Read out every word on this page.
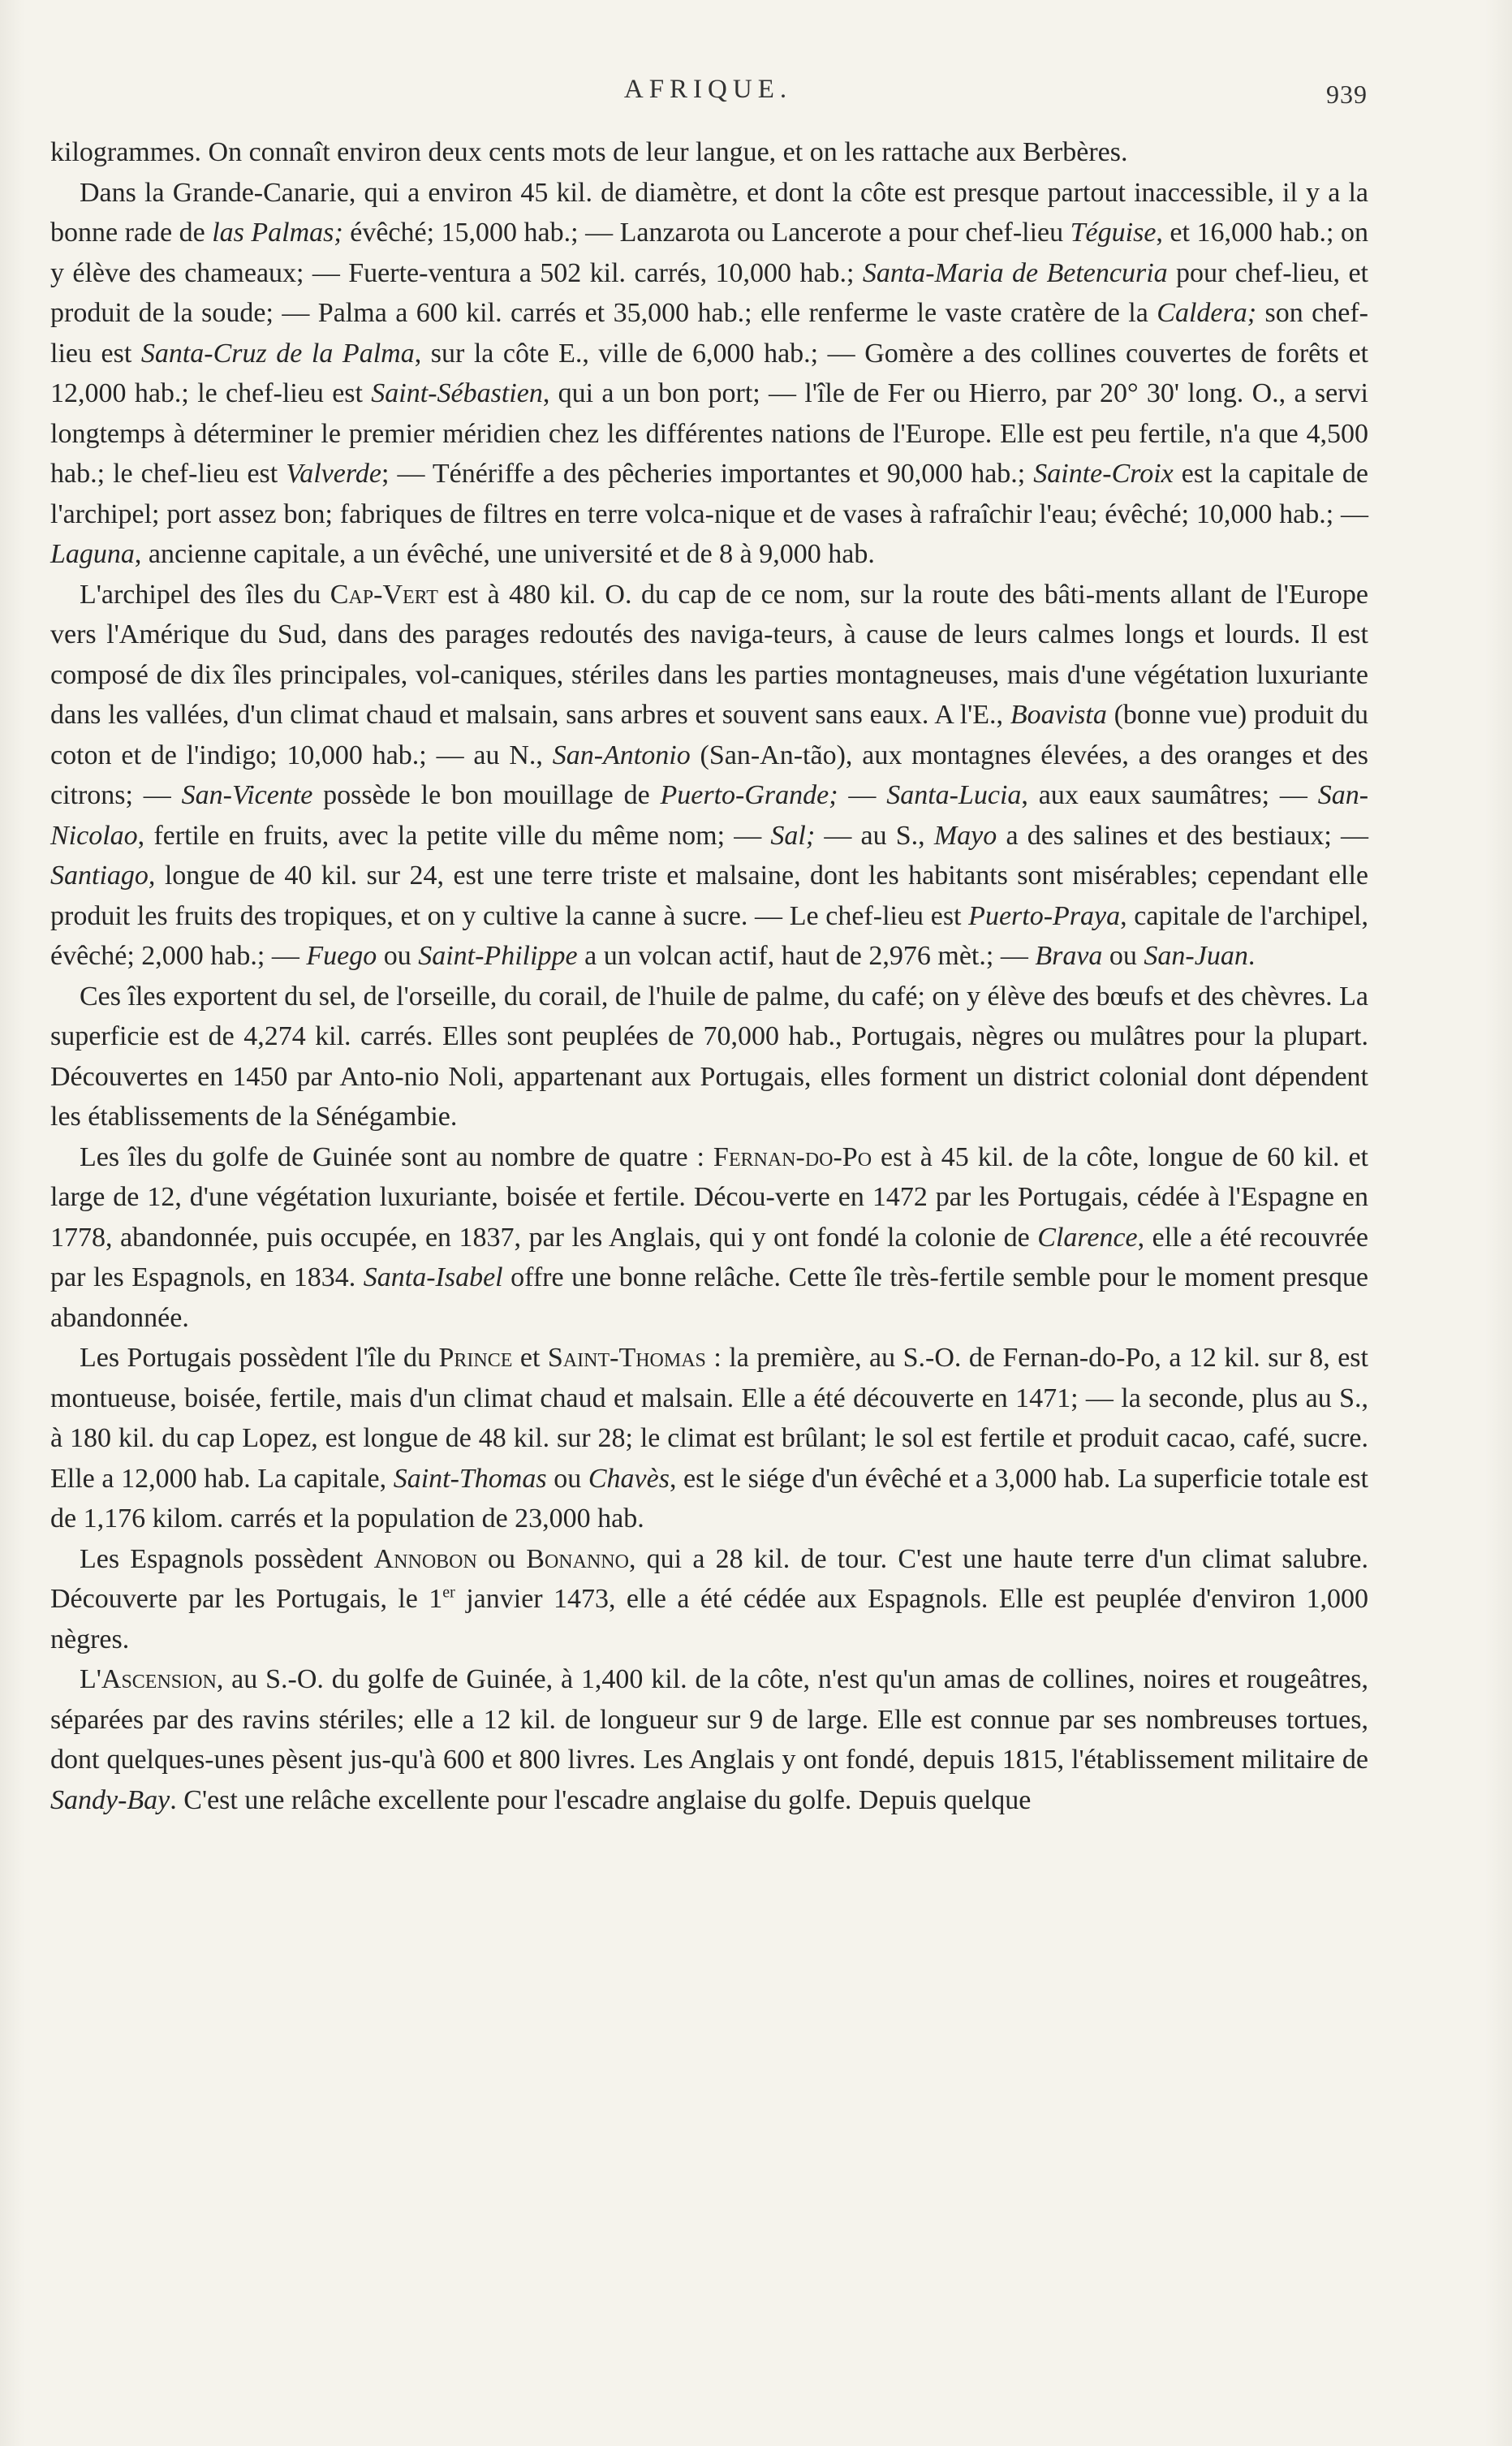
AFRIQUE.	939

kilogrammes. On connaît environ deux cents mots de leur langue, et on les rattache aux Berbères.

Dans la Grande-Canarie, qui a environ 45 kil. de diamètre, et dont la côte est presque partout inaccessible, il y a la bonne rade de las Palmas; évêché; 15,000 hab.; — Lanzarota ou Lancerote a pour chef-lieu Téguise, et 16,000 hab.; on y élève des chameaux; — Fuerte-ventura a 502 kil. carrés, 10,000 hab.; Santa-Maria de Betencuria pour chef-lieu, et produit de la soude; — Palma a 600 kil. carrés et 35,000 hab.; elle renferme le vaste cratère de la Caldera; son chef-lieu est Santa-Cruz de la Palma, sur la côte E., ville de 6,000 hab.; — Gomère a des collines couvertes de forêts et 12,000 hab.; le chef-lieu est Saint-Sébastien, qui a un bon port; — l'île de Fer ou Hierro, par 20° 30' long. O., a servi longtemps à déterminer le premier méridien chez les différentes nations de l'Europe. Elle est peu fertile, n'a que 4,500 hab.; le chef-lieu est Valverde; — Ténériffe a des pêcheries importantes et 90,000 hab.; Sainte-Croix est la capitale de l'archipel; port assez bon; fabriques de filtres en terre volca-nique et de vases à rafraîchir l'eau; évêché; 10,000 hab.; — Laguna, ancienne capitale, a un évêché, une université et de 8 à 9,000 hab.

L'archipel des îles du Cap-Vert est à 480 kil. O. du cap de ce nom, sur la route des bâti-ments allant de l'Europe vers l'Amérique du Sud, dans des parages redoutés des naviga-teurs, à cause de leurs calmes longs et lourds. Il est composé de dix îles principales, vol-caniques, stériles dans les parties montagneuses, mais d'une végétation luxuriante dans les vallées, d'un climat chaud et malsain, sans arbres et souvent sans eaux. A l'E., Boavista (bonne vue) produit du coton et de l'indigo; 10,000 hab.; — au N., San-Antonio (San-An-tão), aux montagnes élevées, a des oranges et des citrons; — San-Vicente possède le bon mouillage de Puerto-Grande; — Santa-Lucia, aux eaux saumâtres; — San-Nicolao, fertile en fruits, avec la petite ville du même nom; — Sal; — au S., Mayo a des salines et des bestiaux; — Santiago, longue de 40 kil. sur 24, est une terre triste et malsaine, dont les habitants sont misérables; cependant elle produit les fruits des tropiques, et on y cultive la canne à sucre. — Le chef-lieu est Puerto-Praya, capitale de l'archipel, évêché; 2,000 hab.; — Fuego ou Saint-Philippe a un volcan actif, haut de 2,976 mèt.; — Brava ou San-Juan.

Ces îles exportent du sel, de l'orseille, du corail, de l'huile de palme, du café; on y élève des bœufs et des chèvres. La superficie est de 4,274 kil. carrés. Elles sont peuplées de 70,000 hab., Portugais, nègres ou mulâtres pour la plupart. Découvertes en 1450 par Anto-nio Noli, appartenant aux Portugais, elles forment un district colonial dont dépendent les établissements de la Sénégambie.

Les îles du golfe de Guinée sont au nombre de quatre : Fernan-do-Po est à 45 kil. de la côte, longue de 60 kil. et large de 12, d'une végétation luxuriante, boisée et fertile. Décou-verte en 1472 par les Portugais, cédée à l'Espagne en 1778, abandonnée, puis occupée, en 1837, par les Anglais, qui y ont fondé la colonie de Clarence, elle a été recouvrée par les Espagnols, en 1834. Santa-Isabel offre une bonne relâche. Cette île très-fertile semble pour le moment presque abandonnée.

Les Portugais possèdent l'île du Prince et Saint-Thomas : la première, au S.-O. de Fernan-do-Po, a 12 kil. sur 8, est montueuse, boisée, fertile, mais d'un climat chaud et malsain. Elle a été découverte en 1471; — la seconde, plus au S., à 180 kil. du cap Lopez, est longue de 48 kil. sur 28; le climat est brûlant; le sol est fertile et produit cacao, café, sucre. Elle a 12,000 hab. La capitale, Saint-Thomas ou Chavès, est le siége d'un évêché et a 3,000 hab. La superficie totale est de 1,176 kilom. carrés et la population de 23,000 hab.

Les Espagnols possèdent Annobon ou Bonanno, qui a 28 kil. de tour. C'est une haute terre d'un climat salubre. Découverte par les Portugais, le 1er janvier 1473, elle a été cédée aux Espagnols. Elle est peuplée d'environ 1,000 nègres.

L'Ascension, au S.-O. du golfe de Guinée, à 1,400 kil. de la côte, n'est qu'un amas de collines, noires et rougeâtres, séparées par des ravins stériles; elle a 12 kil. de longueur sur 9 de large. Elle est connue par ses nombreuses tortues, dont quelques-unes pèsent jus-qu'à 600 et 800 livres. Les Anglais y ont fondé, depuis 1815, l'établissement militaire de Sandy-Bay. C'est une relâche excellente pour l'escadre anglaise du golfe. Depuis quelque
